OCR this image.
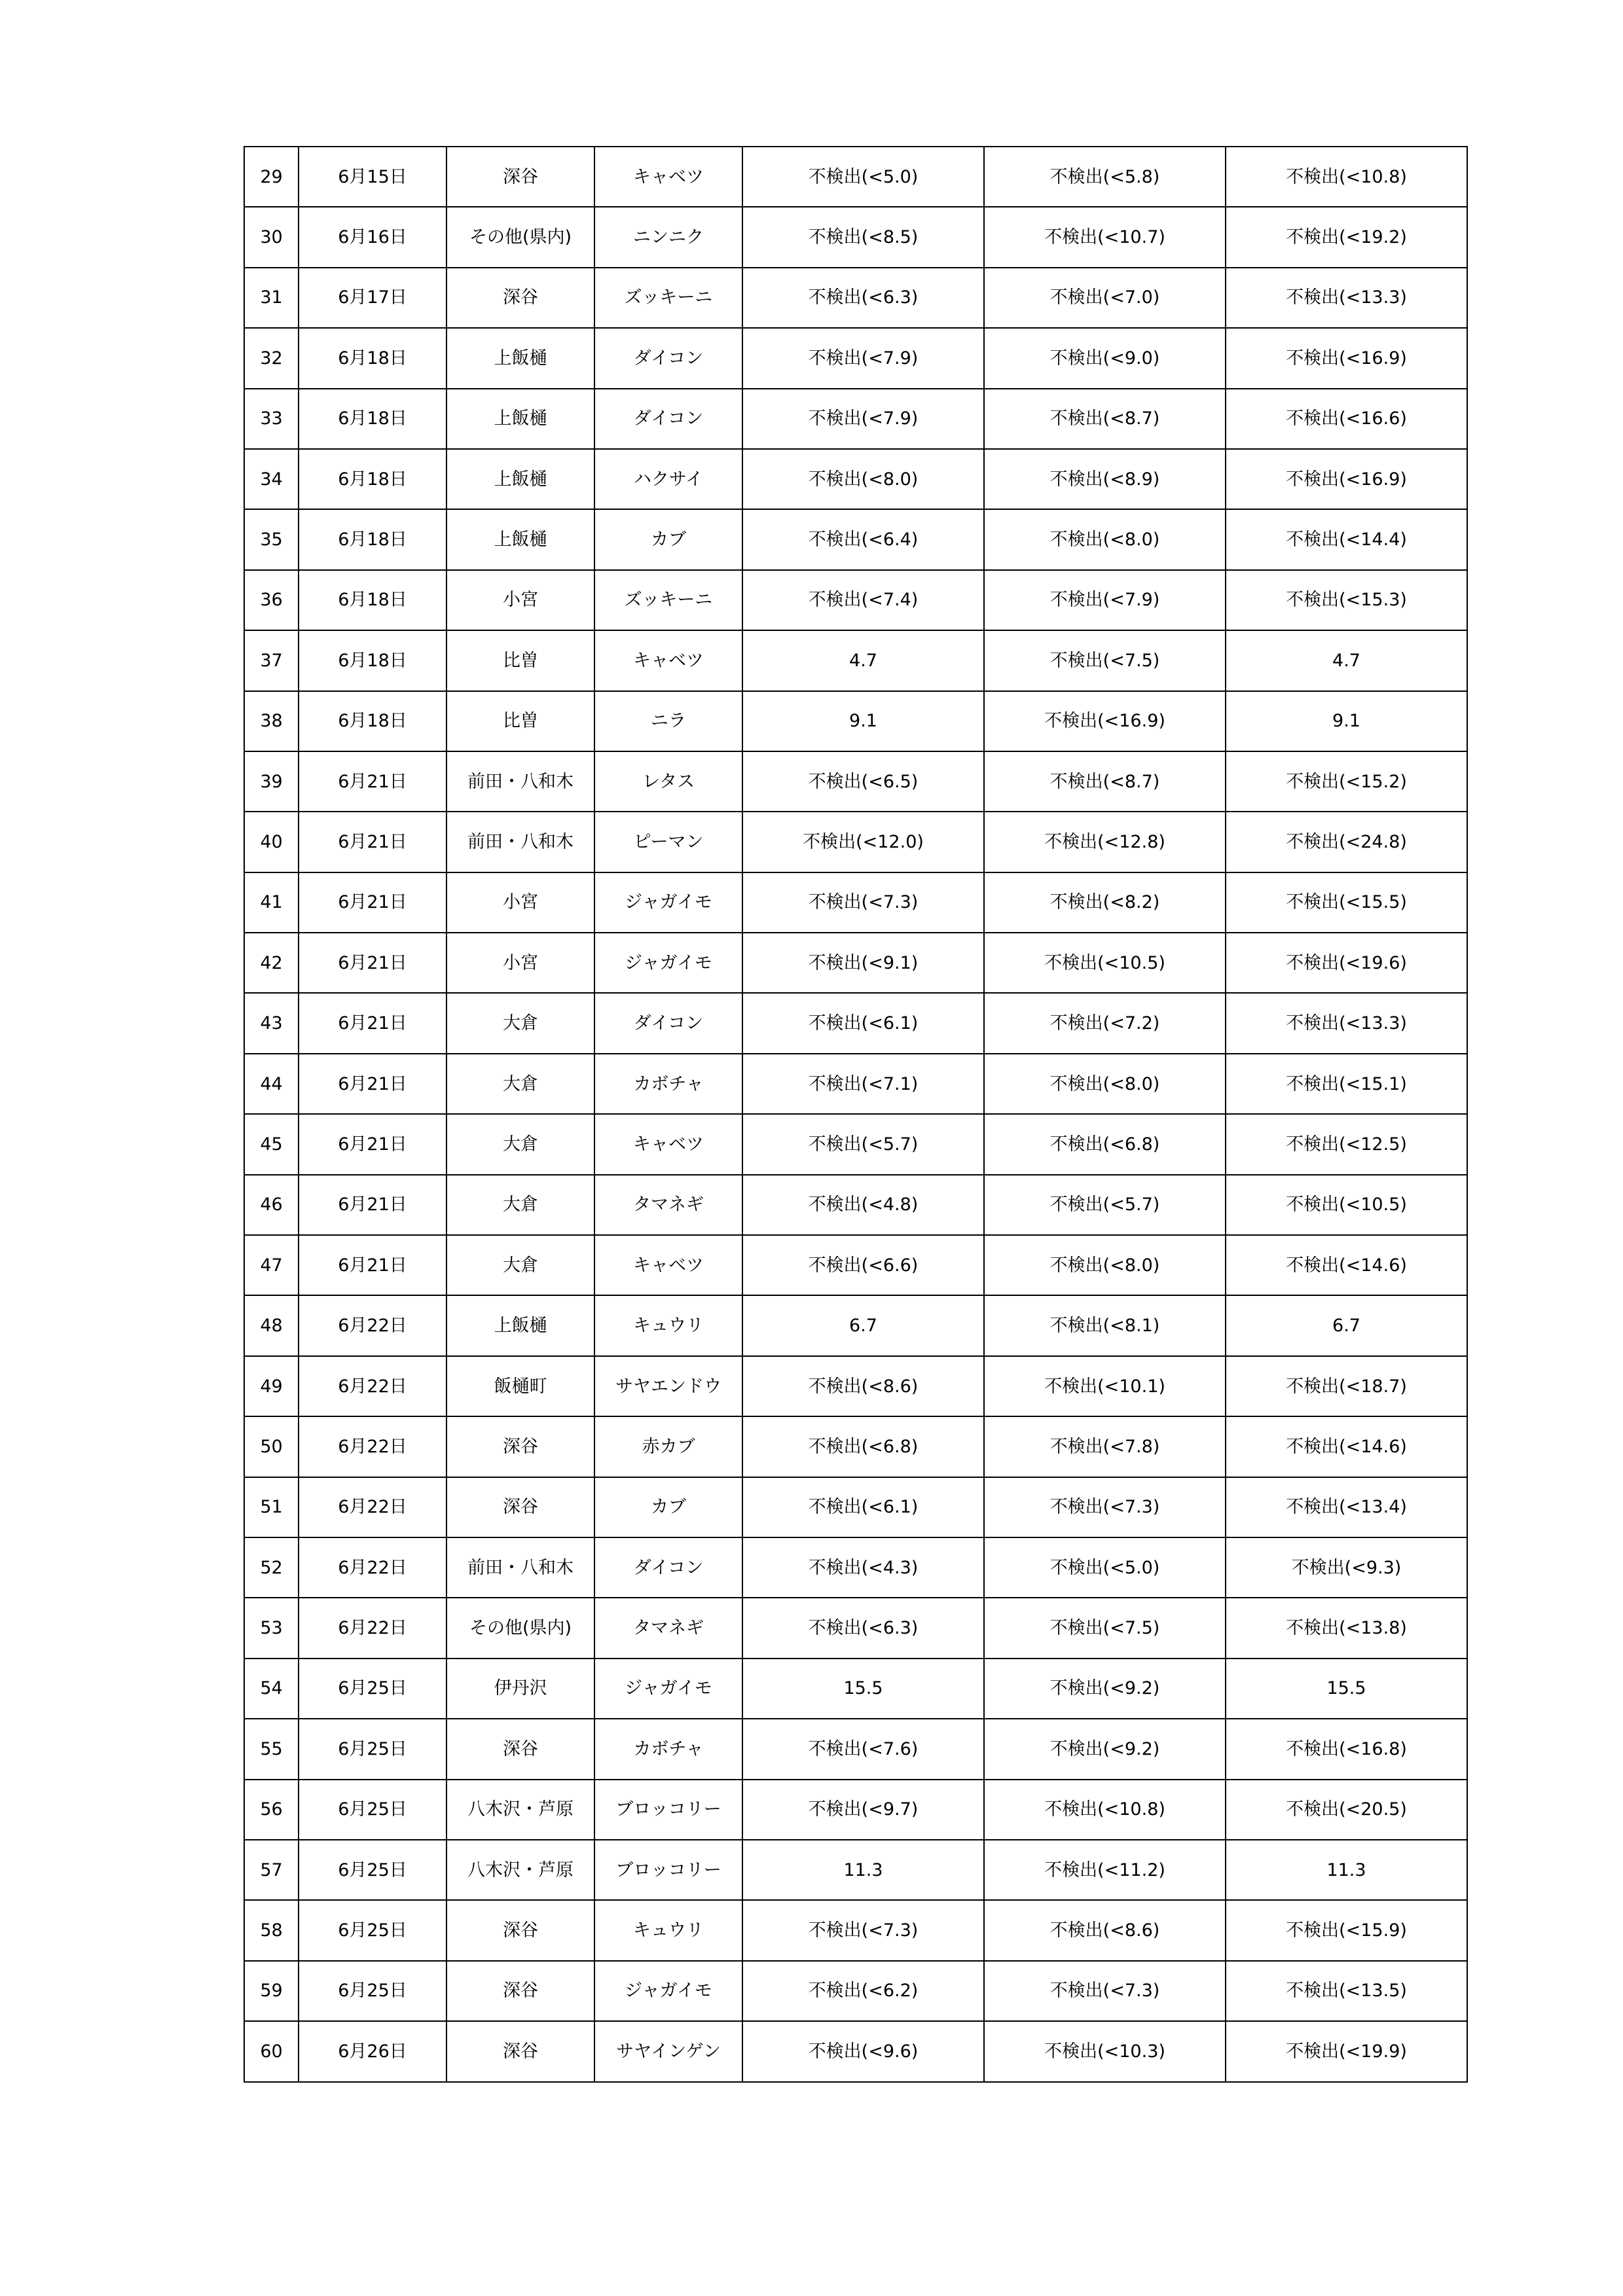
29	6月15日	深谷	キャベツ	不検出(<5.0)	不検出(<5.8)	不検出(<10.8)
30	6月16日	その他(県内)	ニンニク	不検出(<8.5)	不検出(<10.7)	不検出(<19.2)
31	6月17日	深谷	ズッキーニ	不検出(<6.3)	不検出(<7.0)	不検出(<13.3)
32	6月18日	上飯樋	ダイコン	不検出(<7.9)	不検出(<9.0)	不検出(<16.9)
33	6月18日	上飯樋	ダイコン	不検出(<7.9)	不検出(<8.7)	不検出(<16.6)
34	6月18日	上飯樋	ハクサイ	不検出(<8.0)	不検出(<8.9)	不検出(<16.9)
35	6月18日	上飯樋	カブ	不検出(<6.4)	不検出(<8.0)	不検出(<14.4)
36	6月18日	小宮	ズッキーニ	不検出(<7.4)	不検出(<7.9)	不検出(<15.3)
37	6月18日	比曽	キャベツ	4.7	不検出(<7.5)	4.7
38	6月18日	比曽	ニラ	9.1	不検出(<16.9)	9.1
39	6月21日	前田・八和木	レタス	不検出(<6.5)	不検出(<8.7)	不検出(<15.2)
40	6月21日	前田・八和木	ピーマン	不検出(<12.0)	不検出(<12.8)	不検出(<24.8)
41	6月21日	小宮	ジャガイモ	不検出(<7.3)	不検出(<8.2)	不検出(<15.5)
42	6月21日	小宮	ジャガイモ	不検出(<9.1)	不検出(<10.5)	不検出(<19.6)
43	6月21日	大倉	ダイコン	不検出(<6.1)	不検出(<7.2)	不検出(<13.3)
44	6月21日	大倉	カボチャ	不検出(<7.1)	不検出(<8.0)	不検出(<15.1)
45	6月21日	大倉	キャベツ	不検出(<5.7)	不検出(<6.8)	不検出(<12.5)
46	6月21日	大倉	タマネギ	不検出(<4.8)	不検出(<5.7)	不検出(<10.5)
47	6月21日	大倉	キャベツ	不検出(<6.6)	不検出(<8.0)	不検出(<14.6)
48	6月22日	上飯樋	キュウリ	6.7	不検出(<8.1)	6.7
49	6月22日	飯樋町	サヤエンドウ	不検出(<8.6)	不検出(<10.1)	不検出(<18.7)
50	6月22日	深谷	赤カブ	不検出(<6.8)	不検出(<7.8)	不検出(<14.6)
51	6月22日	深谷	カブ	不検出(<6.1)	不検出(<7.3)	不検出(<13.4)
52	6月22日	前田・八和木	ダイコン	不検出(<4.3)	不検出(<5.0)	不検出(<9.3)
53	6月22日	その他(県内)	タマネギ	不検出(<6.3)	不検出(<7.5)	不検出(<13.8)
54	6月25日	伊丹沢	ジャガイモ	15.5	不検出(<9.2)	15.5
55	6月25日	深谷	カボチャ	不検出(<7.6)	不検出(<9.2)	不検出(<16.8)
56	6月25日	八木沢・芦原	ブロッコリー	不検出(<9.7)	不検出(<10.8)	不検出(<20.5)
57	6月25日	八木沢・芦原	ブロッコリー	11.3	不検出(<11.2)	11.3
58	6月25日	深谷	キュウリ	不検出(<7.3)	不検出(<8.6)	不検出(<15.9)
59	6月25日	深谷	ジャガイモ	不検出(<6.2)	不検出(<7.3)	不検出(<13.5)
60	6月26日	深谷	サヤインゲン	不検出(<9.6)	不検出(<10.3)	不検出(<19.9)
